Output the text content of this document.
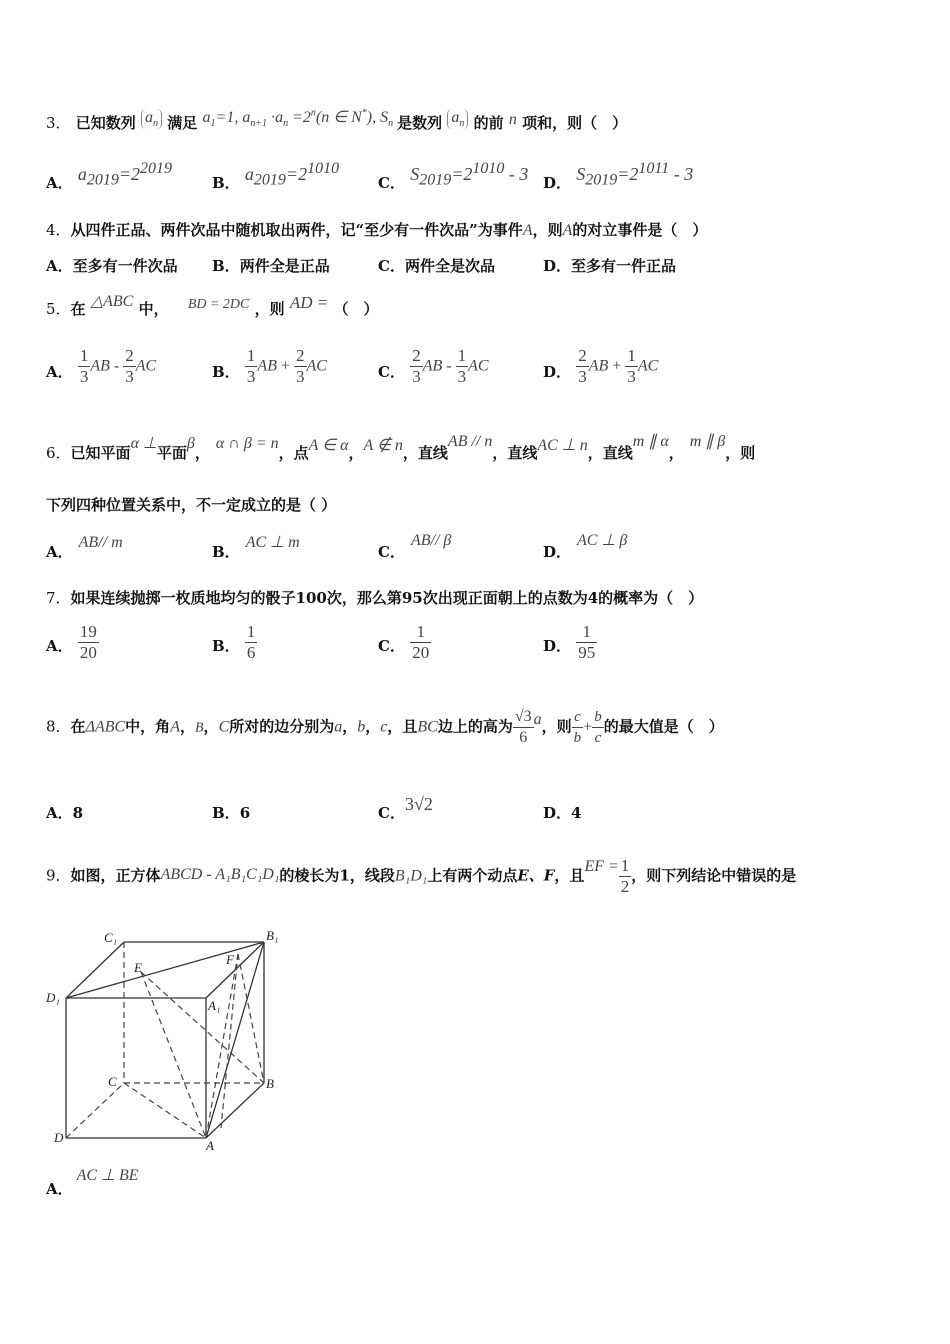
3． 已知数列 $a_n$ 满足 $a_1=1$, $a_{n+1} \cdot a_n =2^n(n$ ∈ N*), $S_n$ 是数列 $a_n$ 的前 n 项和，则（　）
A． $a_{2019}=2^{2019}$
B． $a_{2019}=2^{1010}$
C． $S_{2019}=2^{1010} - 3$ D． $S_{2019}=2^{1011} - 3$
4．从四件正品、两件次品中随机取出两件，记“至少有一件次品”为事件A，则A的对立事件是（　）
A．至多有一件次品 B．两件全是正品	C．两件全是次品	D．至多有一件正品
5．在 △ABC 中， BD = 2DC ，则 AD = （　）
A． $\frac{1}{3}$ AB - $\frac{2}{3}$ AC	B． $\frac{1}{3}$ AB + $\frac{2}{3}$ AC	C． $\frac{2}{3}$ AB - $\frac{1}{3}$ AC	D． $\frac{2}{3}$ AB + $\frac{1}{3}$ AC
6．已知平面α ⊥平面β，α ∩ β = n，点A ∈ α，A ∉ n，直线AB // n，直线AC ⊥ n，直线m ∥ α，m ∥ β，则
下列四种位置关系中，不一定成立的是（ ）
A．AB// m
B．AC ⊥ m
C．AB// β
D．AC ⊥ β
7．如果连续抛掷一枚质地均匀的骰子100次，那么第95次出现正面朝上的点数为4的概率为（　）
A． $\frac{19}{20}$	B． $\frac{1}{6}$	C． $\frac{1}{20}$	D． $\frac{1}{95}$
8．在ΔABC中，角A，B，C所对的边分别为a，b，c，且BC边上的高为 $\frac{√3}{6}$ a，则 $\frac{c}{b} + \frac{b}{c}$ 的最大值是（　）
A．8	B．6	C．3√2	D．4
9．如图，正方体ABCD - A₁B₁C₁D₁的棱长为1，线段B₁D₁上有两个动点E、F，且EF = $\frac{1}{2}$ ，则下列结论中错误的是
C₁	B₁
D₁
A₁
E
F
C	B
D
A
A．AC ⊥ BE
